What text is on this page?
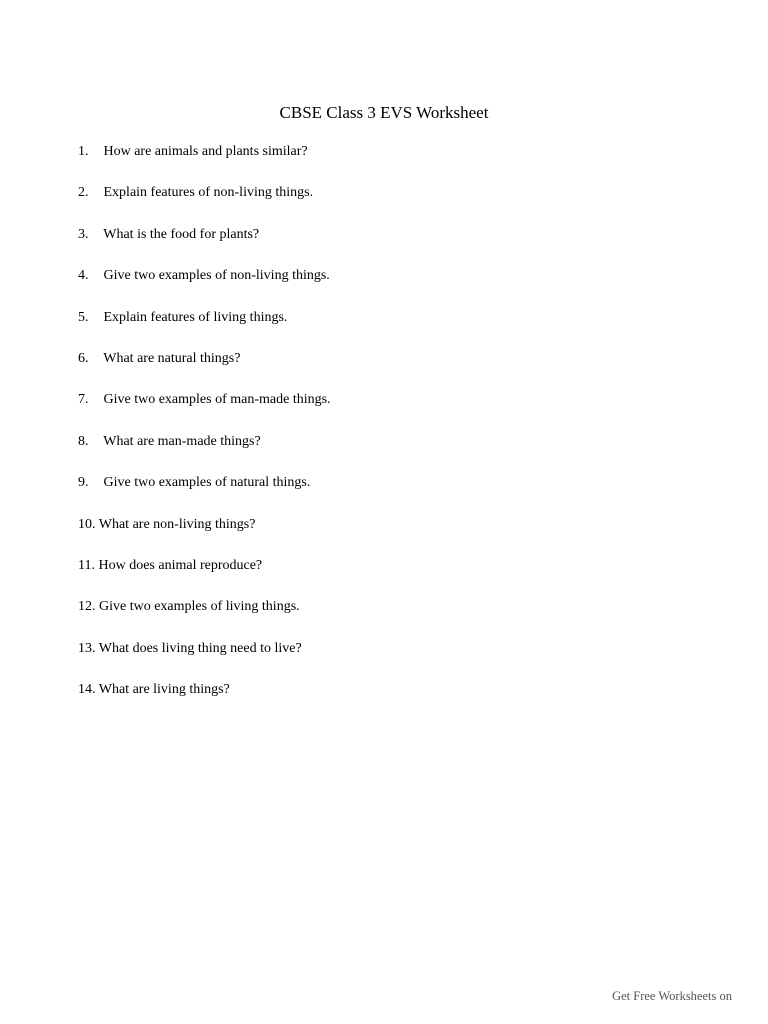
CBSE Class 3 EVS Worksheet
1. How are animals and plants similar?
2. Explain features of non-living things.
3. What is the food for plants?
4. Give two examples of non-living things.
5. Explain features of living things.
6. What are natural things?
7. Give two examples of man-made things.
8. What are man-made things?
9. Give two examples of natural things.
10. What are non-living things?
11. How does animal reproduce?
12. Give two examples of living things.
13. What does living thing need to live?
14. What are living things?
Get Free Worksheets on
